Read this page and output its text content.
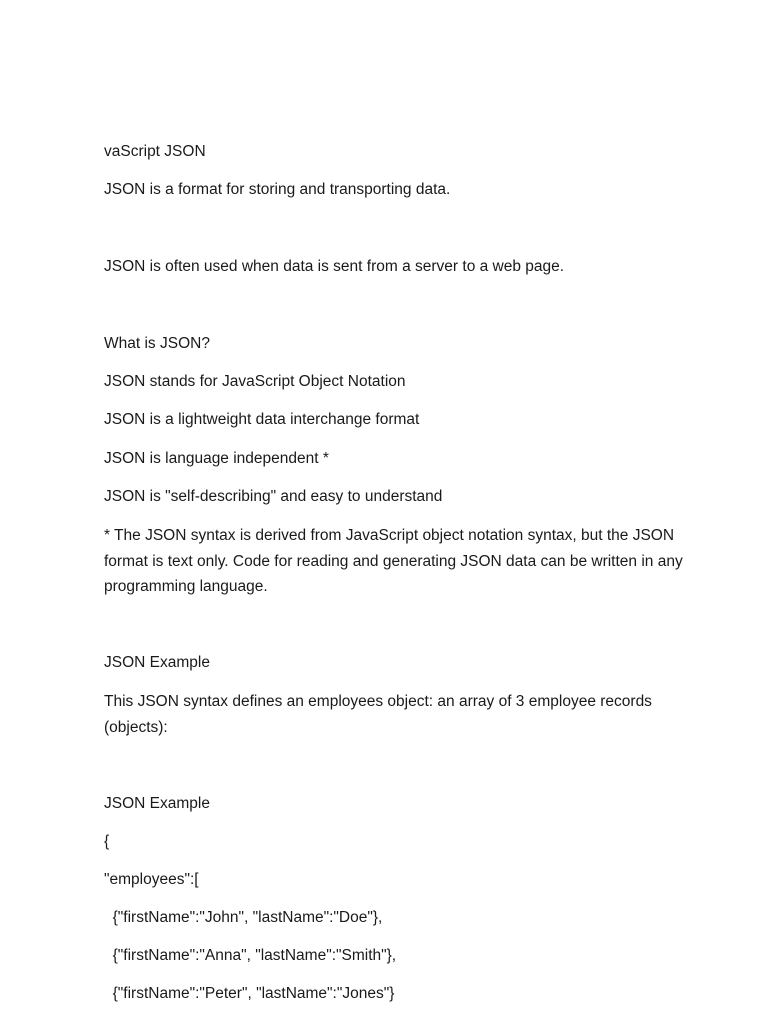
vaScript JSON
JSON is a format for storing and transporting data.
JSON is often used when data is sent from a server to a web page.
What is JSON?
JSON stands for JavaScript Object Notation
JSON is a lightweight data interchange format
JSON is language independent *
JSON is "self-describing" and easy to understand
* The JSON syntax is derived from JavaScript object notation syntax, but the JSON format is text only. Code for reading and generating JSON data can be written in any programming language.
JSON Example
This JSON syntax defines an employees object: an array of 3 employee records (objects):
JSON Example
{
"employees":[
{"firstName":"John", "lastName":"Doe"},
{"firstName":"Anna", "lastName":"Smith"},
{"firstName":"Peter", "lastName":"Jones"}
